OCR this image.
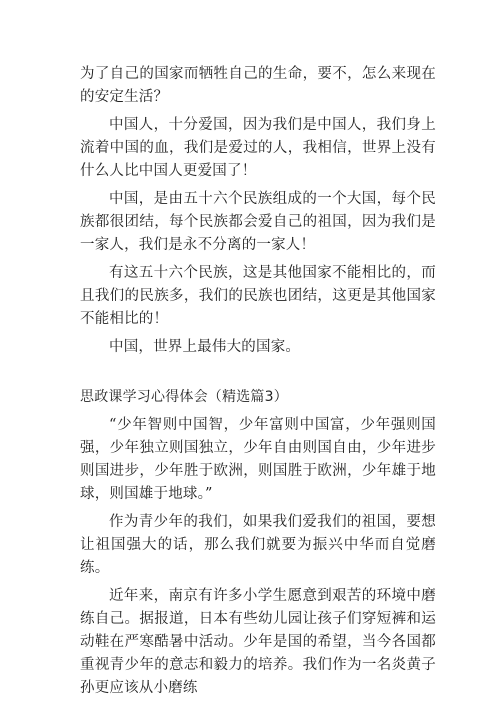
为了自己的国家而牺牲自己的生命，要不，怎么来现在的安定生活？

中国人，十分爱国，因为我们是中国人，我们身上流着中国的血，我们是爱过的人，我相信，世界上没有什么人比中国人更爱国了！

中国，是由五十六个民族组成的一个大国，每个民族都很团结，每个民族都会爱自己的祖国，因为我们是一家人，我们是永不分离的一家人！

有这五十六个民族，这是其他国家不能相比的，而且我们的民族多，我们的民族也团结，这更是其他国家不能相比的！

中国，世界上最伟大的国家。

思政课学习心得体会（精选篇3）

“少年智则中国智，少年富则中国富，少年强则国强，少年独立则国独立，少年自由则国自由，少年进步则国进步，少年胜于欧洲，则国胜于欧洲，少年雄于地球，则国雄于地球。”

作为青少年的我们，如果我们爱我们的祖国，要想让祖国强大的话，那么我们就要为振兴中华而自觉磨练。

近年来，南京有许多小学生愿意到艰苦的环境中磨练自己。据报道，日本有些幼儿园让孩子们穿短裤和运动鞋在严寒酷暑中活动。少年是国的希望，当今各国都重视青少年的意志和毅力的培养。我们作为一名炎黄子孙更应该从小磨练
